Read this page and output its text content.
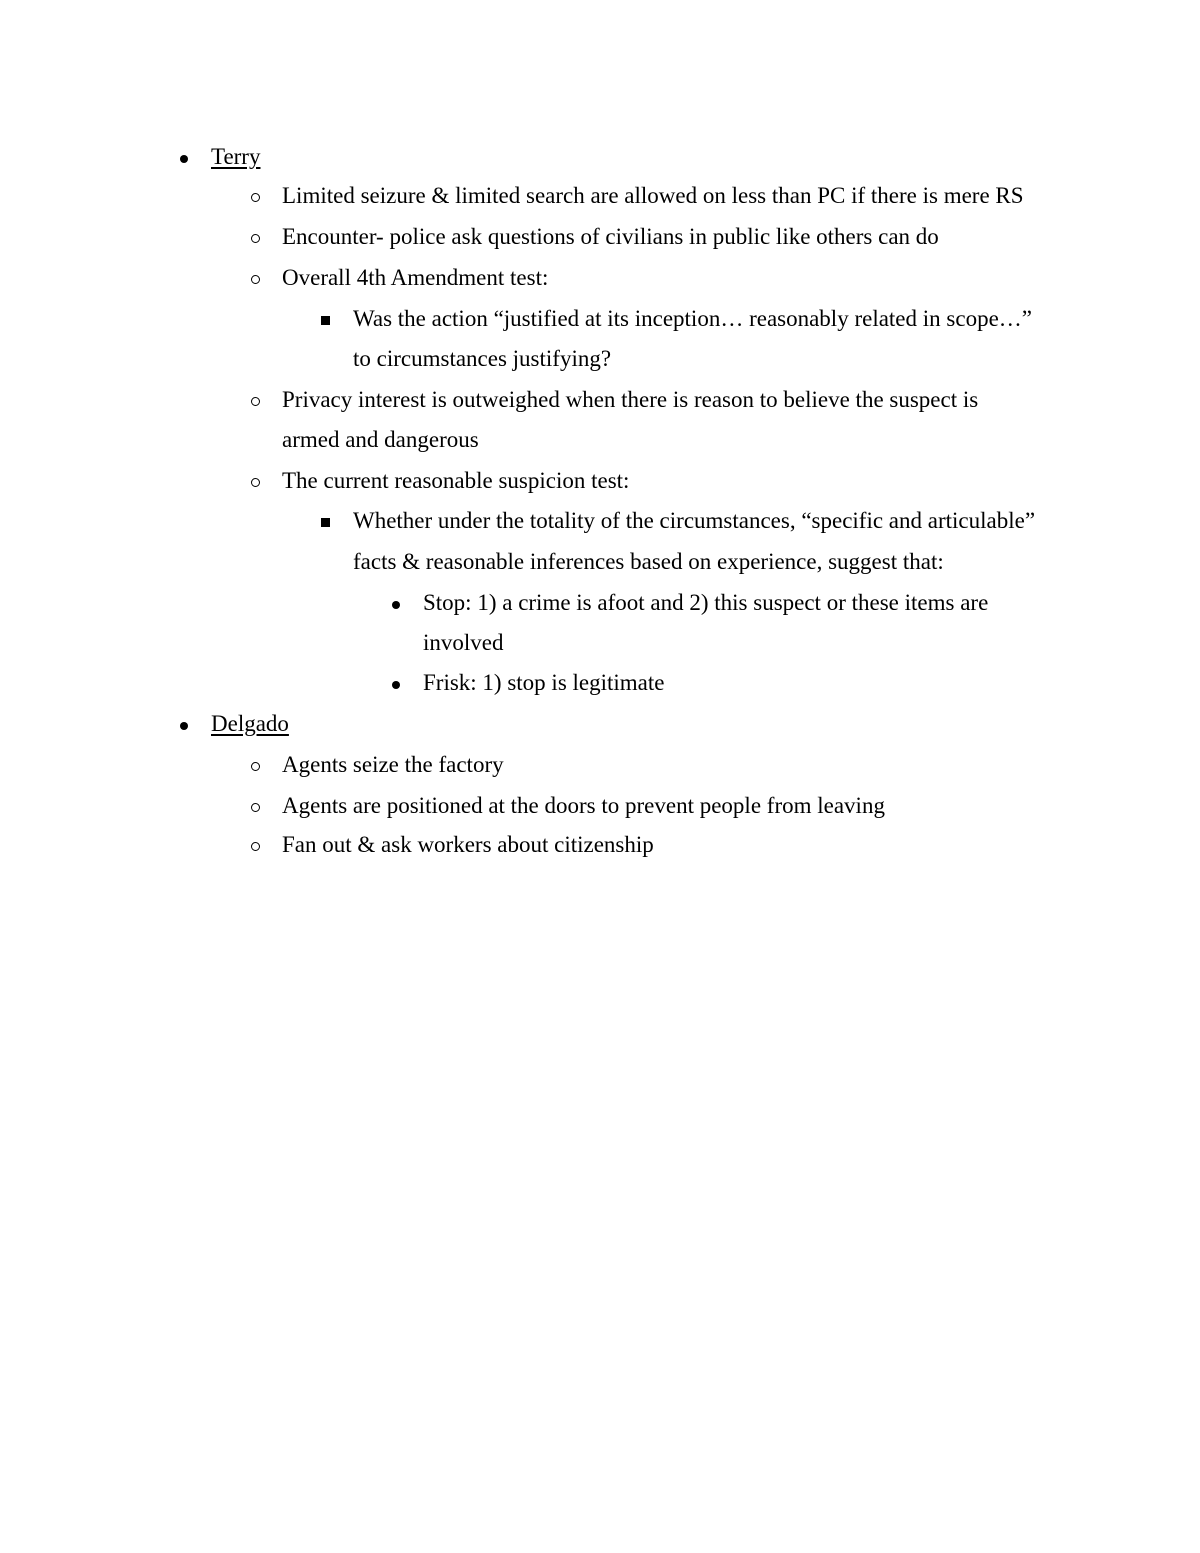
Terry
Limited seizure & limited search are allowed on less than PC if there is mere RS
Encounter- police ask questions of civilians in public like others can do
Overall 4th Amendment test:
Was the action “justified at its inception… reasonably related in scope…”
to circumstances justifying?
Privacy interest is outweighed when there is reason to believe the suspect is
armed and dangerous
The current reasonable suspicion test:
Whether under the totality of the circumstances, “specific and articulable”
facts & reasonable inferences based on experience, suggest that:
Stop: 1) a crime is afoot and 2) this suspect or these items are
involved
Frisk: 1) stop is legitimate
Delgado
Agents seize the factory
Agents are positioned at the doors to prevent people from leaving
Fan out & ask workers about citizenship
